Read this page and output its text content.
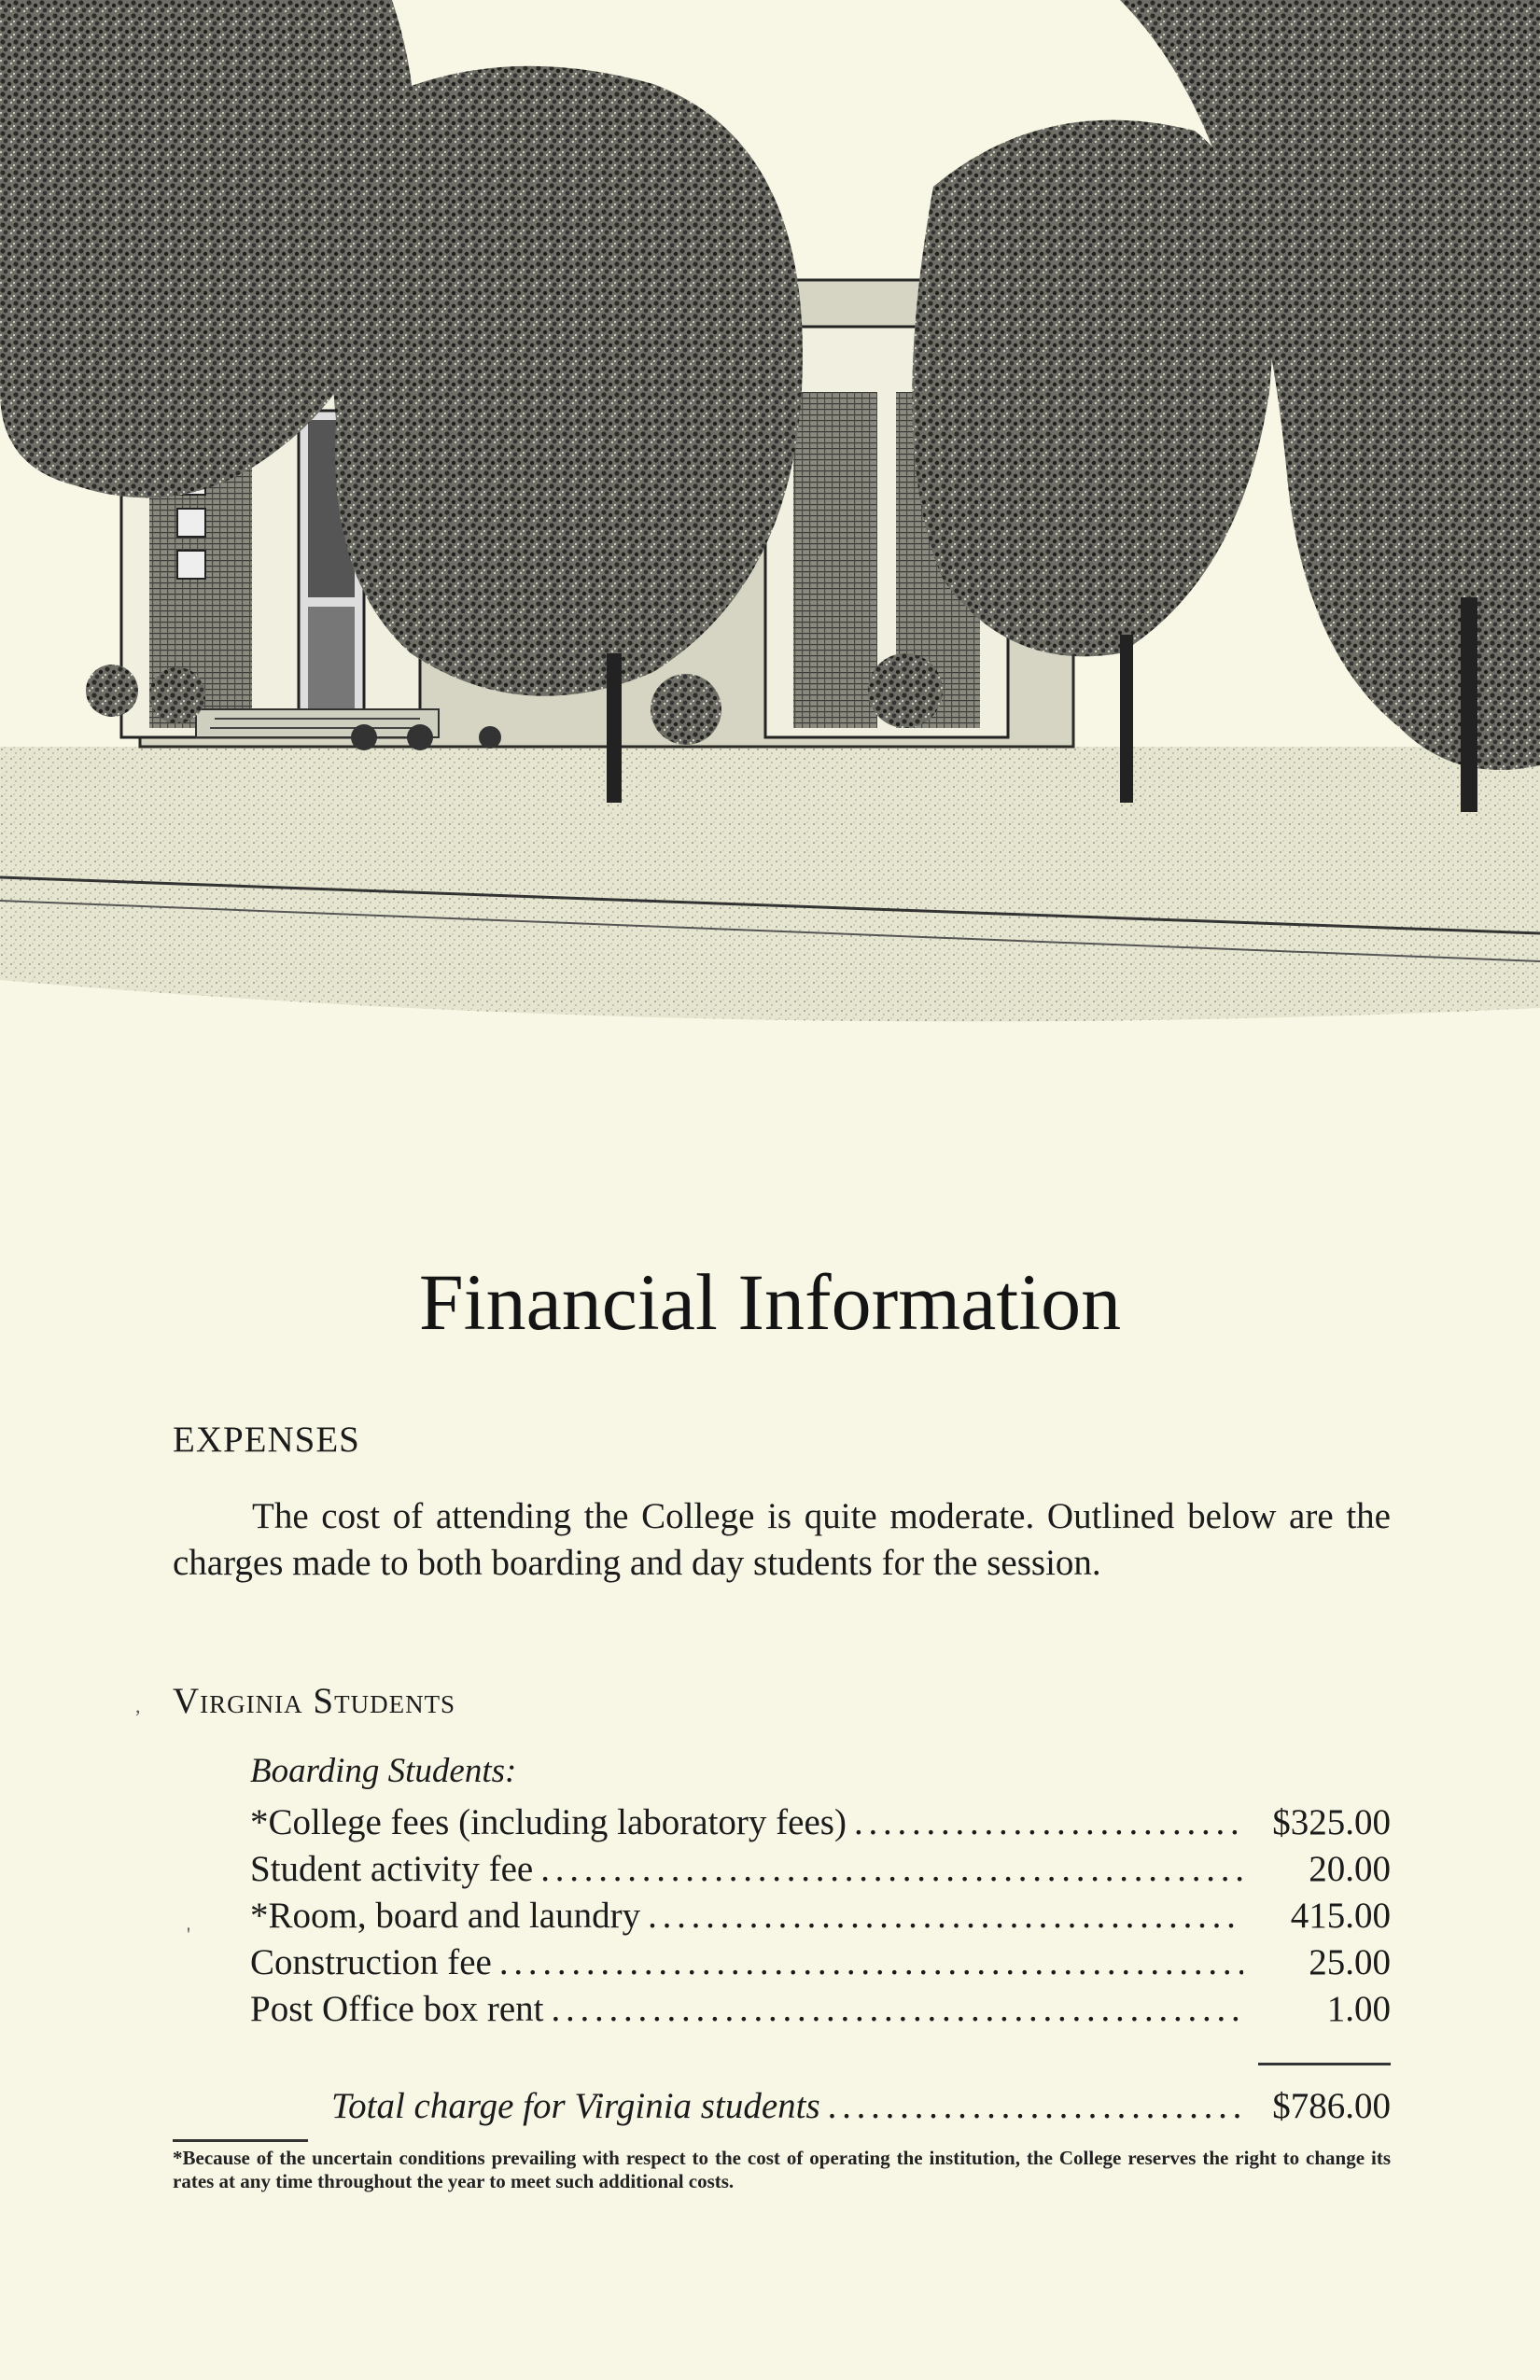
Financial Information
EXPENSES

The cost of attending the College is quite moderate. Outlined below are the charges made to both boarding and day students for the session.

, Virginia Students
Boarding Students:
'
*College fees (including laboratory fees) . . .	$325.00
Student activity fee . . .	20.00
*Room, board and laundry . . .	415.00
Construction fee . . .	25.00
Post Office box rent . . .	1.00
Total charge for Virginia students . . .	$786.00

*Because of the uncertain conditions prevailing with respect to the cost of operating the institution, the College reserves the right to change its rates at any time throughout the year to meet such additional costs.
